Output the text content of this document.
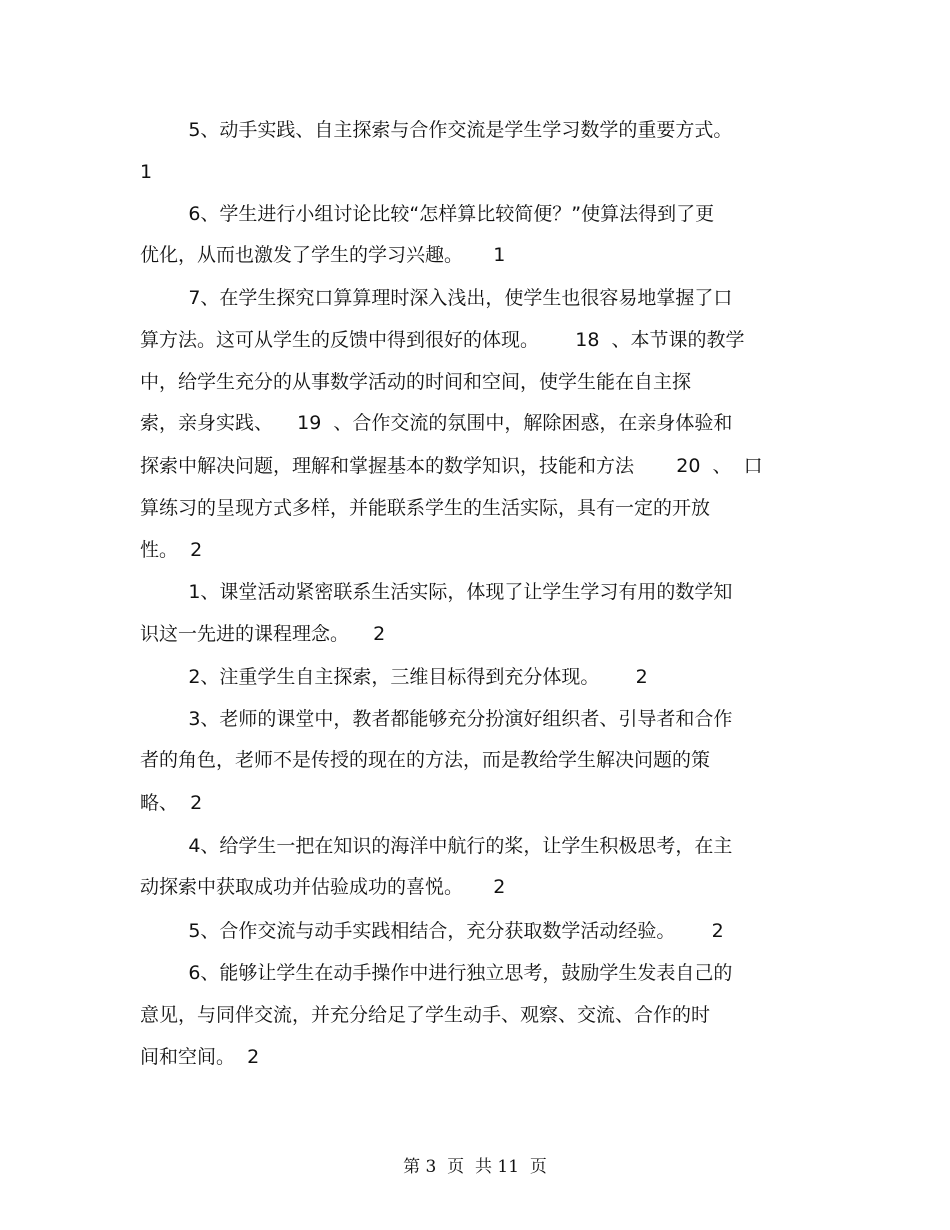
5、动手实践、自主探索与合作交流是学生学习数学的重要方式。
1
6、学生进行小组讨论比较“怎样算比较简便？”使算法得到了更
优化，从而也激发了学生的学习兴趣。     1
7、在学生探究口算算理时深入浅出，使学生也很容易地掌握了口
算方法。这可从学生的反馈中得到很好的体现。      18  、本节课的教学
中，给学生充分的从事数学活动的时间和空间，使学生能在自主探
索，亲身实践、    19  、合作交流的氛围中，解除困惑，在亲身体验和
探索中解决问题，理解和掌握基本的数学知识，技能和方法       20  、  口
算练习的呈现方式多样，并能联系学生的生活实际，具有一定的开放
性。  2
1、课堂活动紧密联系生活实际，体现了让学生学习有用的数学知
识这一先进的课程理念。    2
2、注重学生自主探索，三维目标得到充分体现。      2
3、老师的课堂中，教者都能够充分扮演好组织者、引导者和合作
者的角色，老师不是传授的现在的方法，而是教给学生解决问题的策
略、  2
4、给学生一把在知识的海洋中航行的桨，让学生积极思考，在主
动探索中获取成功并估验成功的喜悦。     2
5、合作交流与动手实践相结合，充分获取数学活动经验。      2
6、能够让学生在动手操作中进行独立思考，鼓励学生发表自己的
意见，与同伴交流，并充分给足了学生动手、观察、交流、合作的时
间和空间。  2
第 3  页  共 11  页
